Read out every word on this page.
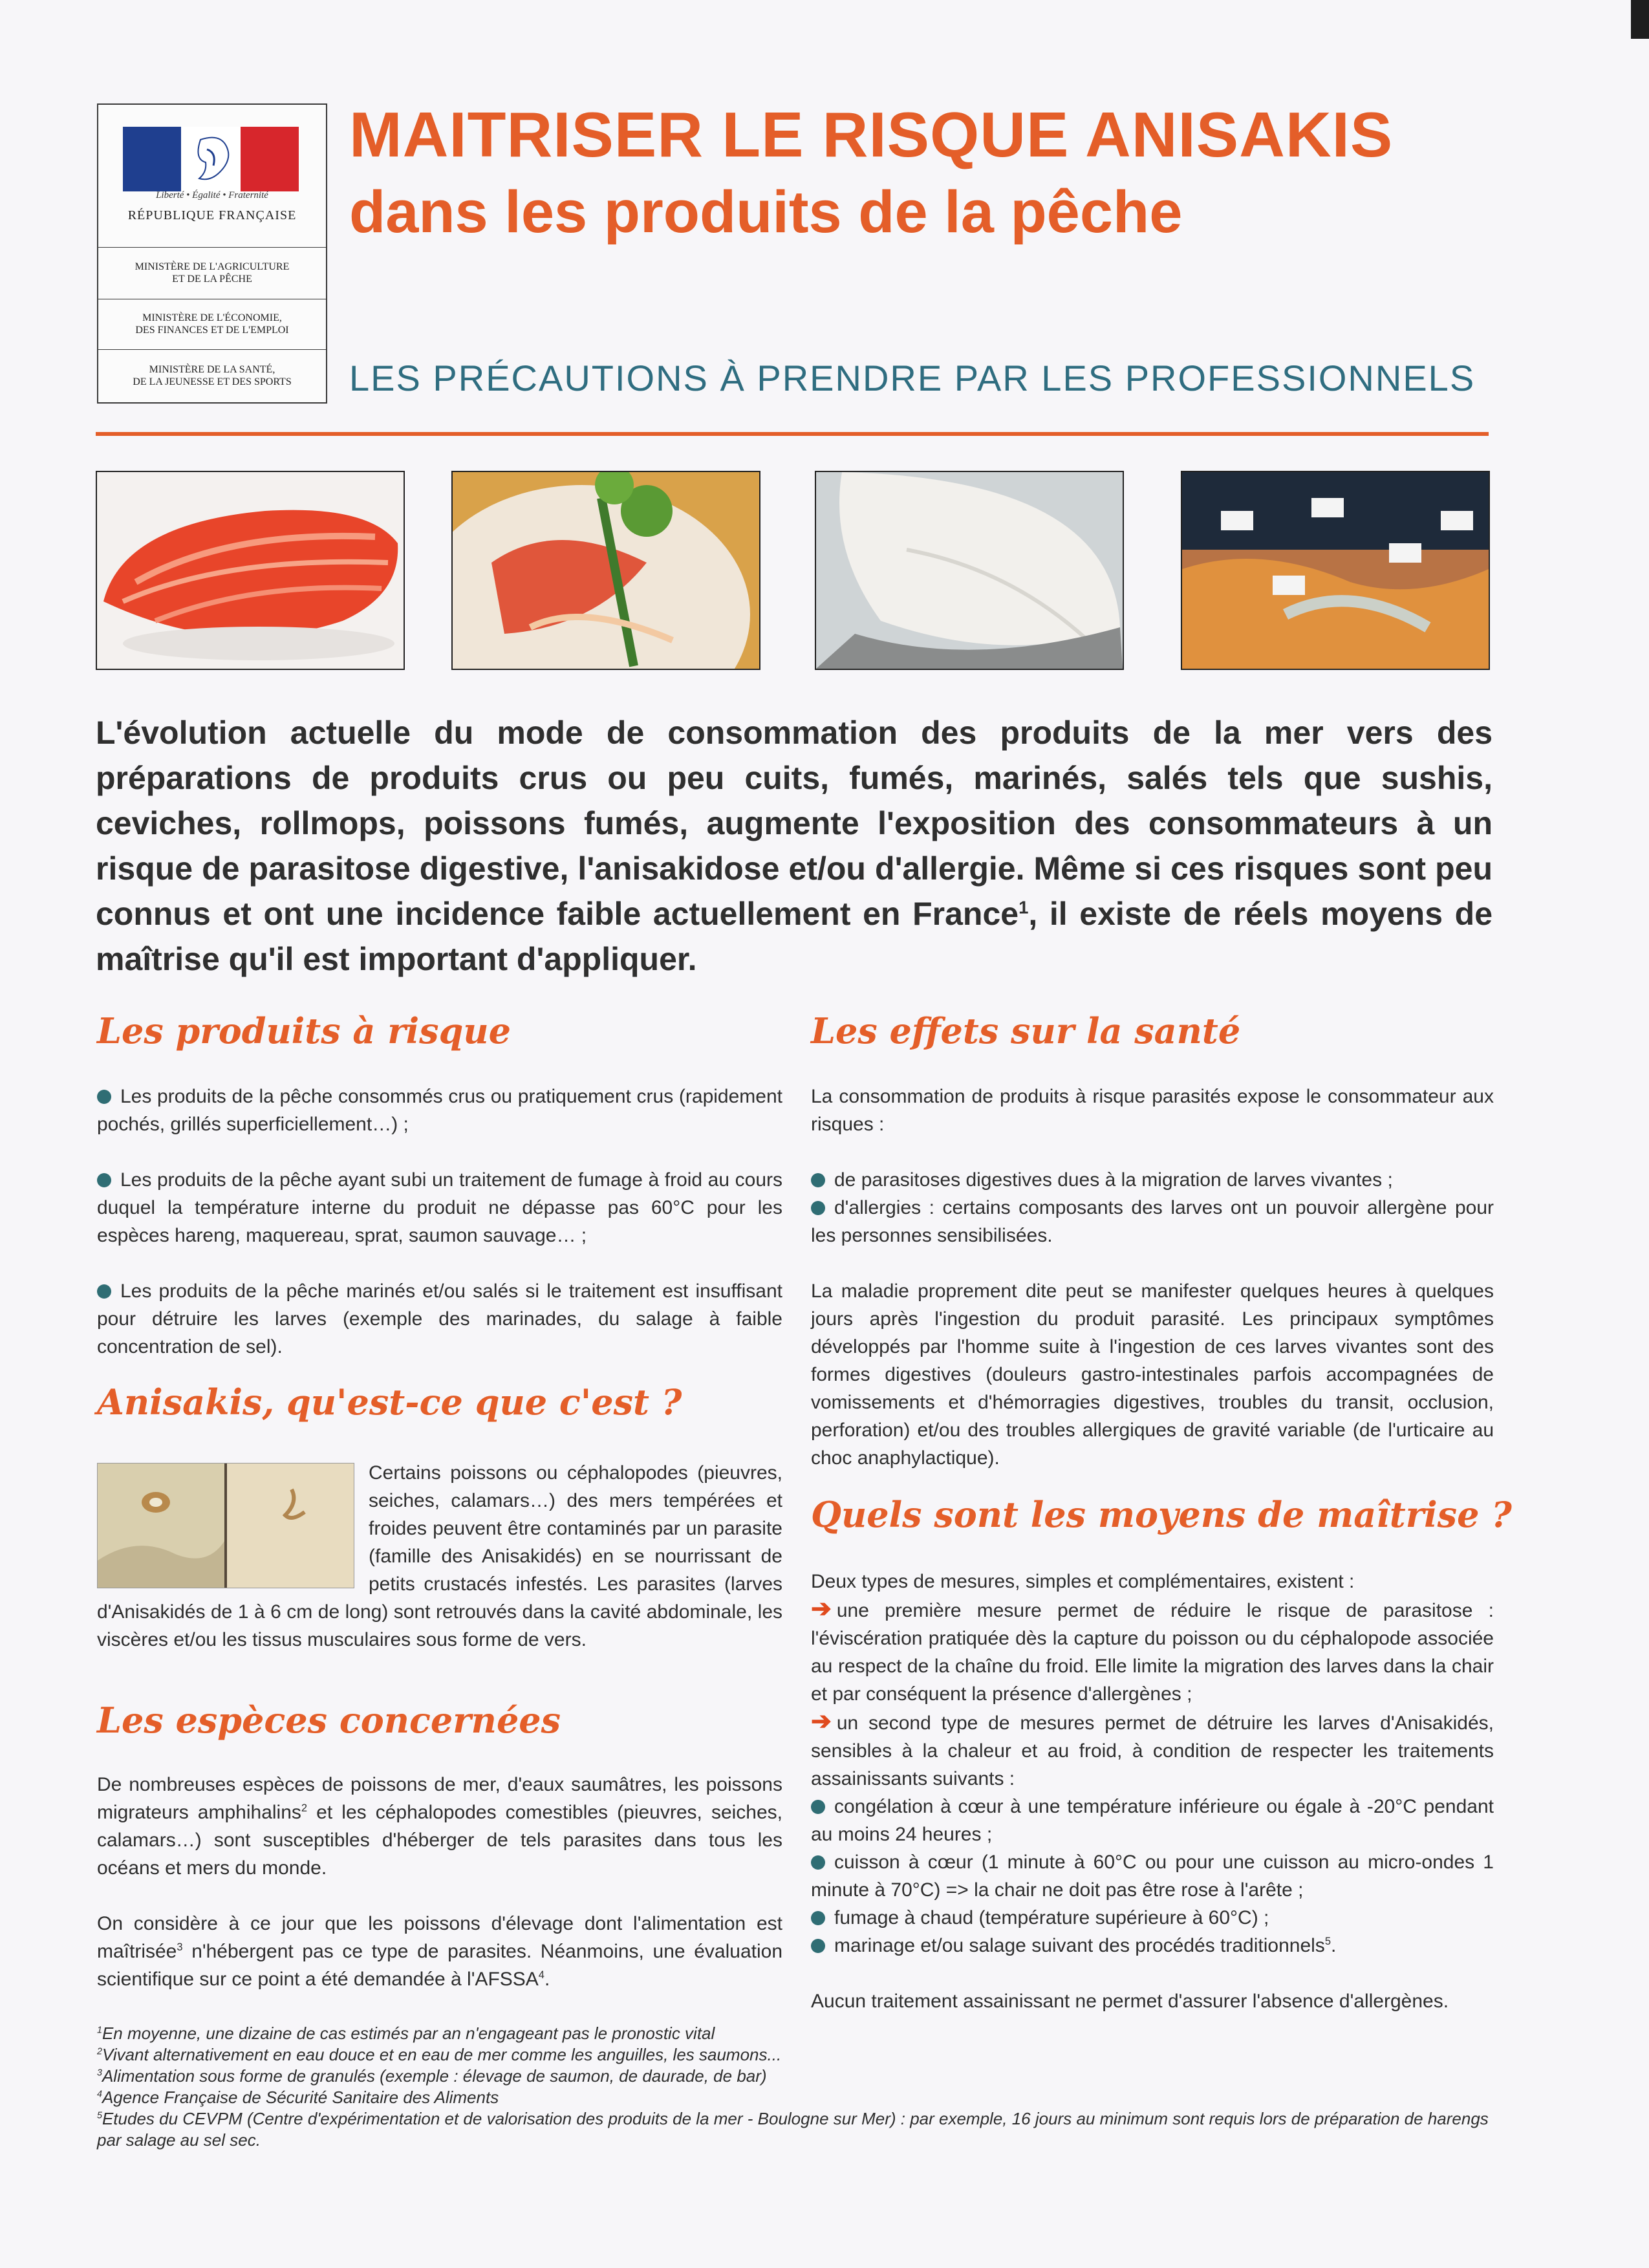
Liberté • Égalité • Fraternité
RÉPUBLIQUE FRANÇAISE
MINISTÈRE DE L'AGRICULTURE
ET DE LA PÊCHE
MINISTÈRE DE L'ÉCONOMIE,
DES FINANCES ET DE L'EMPLOI
MINISTÈRE DE LA SANTÉ,
DE LA JEUNESSE ET DES SPORTS
MAITRISER LE RISQUE ANISAKIS
dans les produits de la pêche
LES PRÉCAUTIONS À PRENDRE PAR LES PROFESSIONNELS
L'évolution actuelle du mode de consommation des produits de la mer vers des préparations de produits crus ou peu cuits, fumés, marinés, salés tels que sushis, ceviches, rollmops, poissons fumés, augmente l'exposition des consommateurs à un risque de parasitose digestive, l'anisakidose et/ou d'allergie. Même si ces risques sont peu connus et ont une incidence faible actuellement en France$^1$, il existe de réels moyens de maîtrise qu'il est important d'appliquer.
Les produits à risque

Les produits de la pêche consommés crus ou pratiquement crus (rapidement pochés, grillés superficiellement…) ;

Les produits de la pêche ayant subi un traitement de fumage à froid au cours duquel la température interne du produit ne dépasse pas 60°C pour les espèces hareng, maquereau, sprat, saumon sauvage… ;

Les produits de la pêche marinés et/ou salés si le traitement est insuffisant pour détruire les larves (exemple des marinades, du salage à faible concentration de sel).

Anisakis, qu'est-ce que c'est ?

Certains poissons ou céphalopodes (pieuvres, seiches, calamars…) des mers tempérées et froides peuvent être contaminés par un parasite (famille des Anisakidés) en se nourrissant de petits crustacés infestés. Les parasites (larves d'Anisakidés de 1 à 6 cm de long) sont retrouvés dans la cavité abdominale, les viscères et/ou les tissus musculaires sous forme de vers.

Les espèces concernées

De nombreuses espèces de poissons de mer, d'eaux saumâtres, les poissons migrateurs amphihalins$^2$ et les céphalopodes comestibles (pieuvres, seiches, calamars…) sont susceptibles d'héberger de tels parasites dans tous les océans et mers du monde.

On considère à ce jour que les poissons d'élevage dont l'alimentation est maîtrisée$^3$ n'hébergent pas ce type de parasites. Néanmoins, une évaluation scientifique sur ce point a été demandée à l'AFSSA$^4$.

Les effets sur la santé

La consommation de produits à risque parasités expose le consommateur aux risques :

de parasitoses digestives dues à la migration de larves vivantes ;

d'allergies : certains composants des larves ont un pouvoir allergène pour les personnes sensibilisées.

La maladie proprement dite peut se manifester quelques heures à quelques jours après l'ingestion du produit parasité. Les principaux symptômes développés par l'homme suite à l'ingestion de ces larves vivantes sont des formes digestives (douleurs gastro-intestinales parfois accompagnées de vomissements et d'hémorragies digestives, troubles du transit, occlusion, perforation) et/ou des troubles allergiques de gravité variable (de l'urticaire au choc anaphylactique).

Quels sont les moyens de maîtrise ?

Deux types de mesures, simples et complémentaires, existent :

➔ une première mesure permet de réduire le risque de parasitose : l'éviscération pratiquée dès la capture du poisson ou du céphalopode associée au respect de la chaîne du froid. Elle limite la migration des larves dans la chair et par conséquent la présence d'allergènes ;

➔ un second type de mesures permet de détruire les larves d'Anisakidés, sensibles à la chaleur et au froid, à condition de respecter les traitements assainissants suivants :

congélation à cœur à une température inférieure ou égale à -20°C pendant au moins 24 heures ;

cuisson à cœur (1 minute à 60°C ou pour une cuisson au micro-ondes 1 minute à 70°C) => la chair ne doit pas être rose à l'arête ;

fumage à chaud (température supérieure à 60°C) ;

marinage et/ou salage suivant des procédés traditionnels$^5$.

Aucun traitement assainissant ne permet d'assurer l'absence d'allergènes.

$^1$En moyenne, une dizaine de cas estimés par an n'engageant pas le pronostic vital

$^2$Vivant alternativement en eau douce et en eau de mer comme les anguilles, les saumons...

$^3$Alimentation sous forme de granulés (exemple : élevage de saumon, de daurade, de bar)

$^4$Agence Française de Sécurité Sanitaire des Aliments

$^5$Etudes du CEVPM (Centre d'expérimentation et de valorisation des produits de la mer - Boulogne sur Mer) : par exemple, 16 jours au minimum sont requis lors de préparation de harengs par salage au sel sec.
